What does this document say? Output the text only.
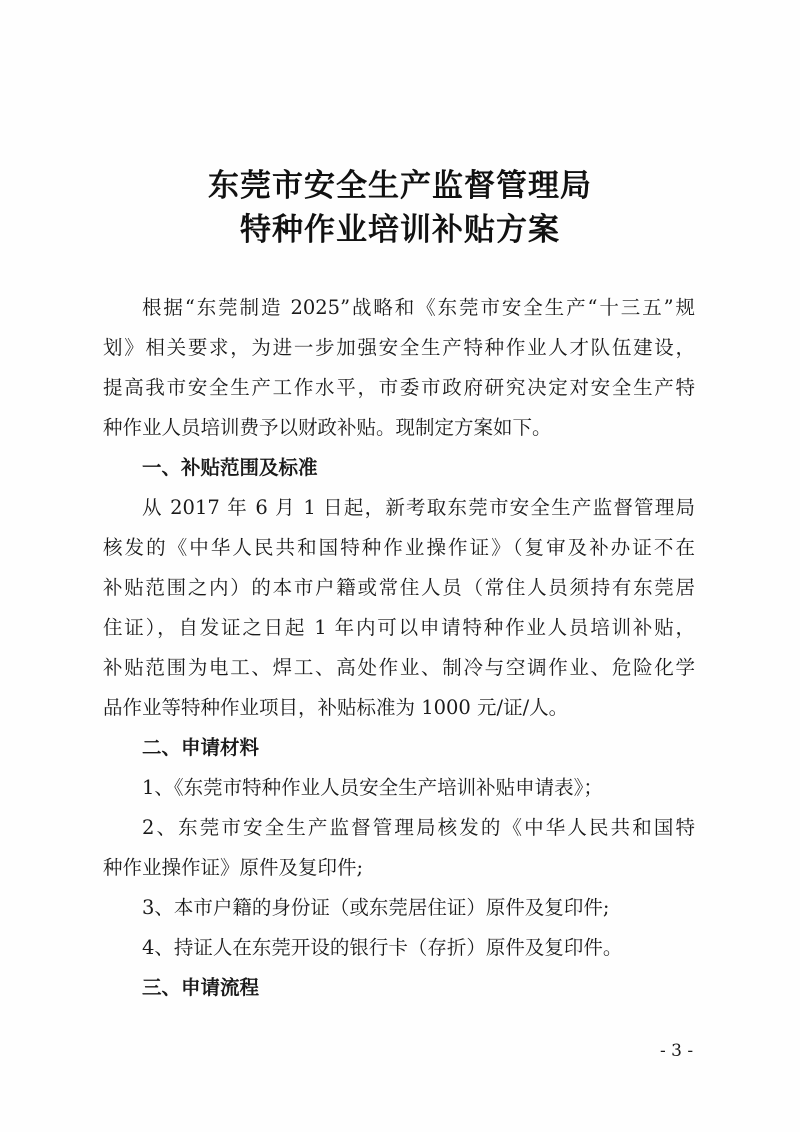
东莞市安全生产监督管理局
特种作业培训补贴方案
根据“东莞制造 2025”战略和《东莞市安全生产“十三五”规
划》相关要求，为进一步加强安全生产特种作业人才队伍建设，
提高我市安全生产工作水平，市委市政府研究决定对安全生产特
种作业人员培训费予以财政补贴。现制定方案如下。
一、补贴范围及标准
从 2017 年 6 月 1 日起，新考取东莞市安全生产监督管理局
核发的《中华人民共和国特种作业操作证》（复审及补办证不在
补贴范围之内）的本市户籍或常住人员（常住人员须持有东莞居
住证），自发证之日起 1 年内可以申请特种作业人员培训补贴，
补贴范围为电工、焊工、高处作业、制冷与空调作业、危险化学
品作业等特种作业项目，补贴标准为 1000 元/证/人。
二、申请材料
1、《东莞市特种作业人员安全生产培训补贴申请表》；
2、东莞市安全生产监督管理局核发的《中华人民共和国特
种作业操作证》原件及复印件;
3、本市户籍的身份证（或东莞居住证）原件及复印件;
4、持证人在东莞开设的银行卡（存折）原件及复印件。
三、申请流程
- 3 -
